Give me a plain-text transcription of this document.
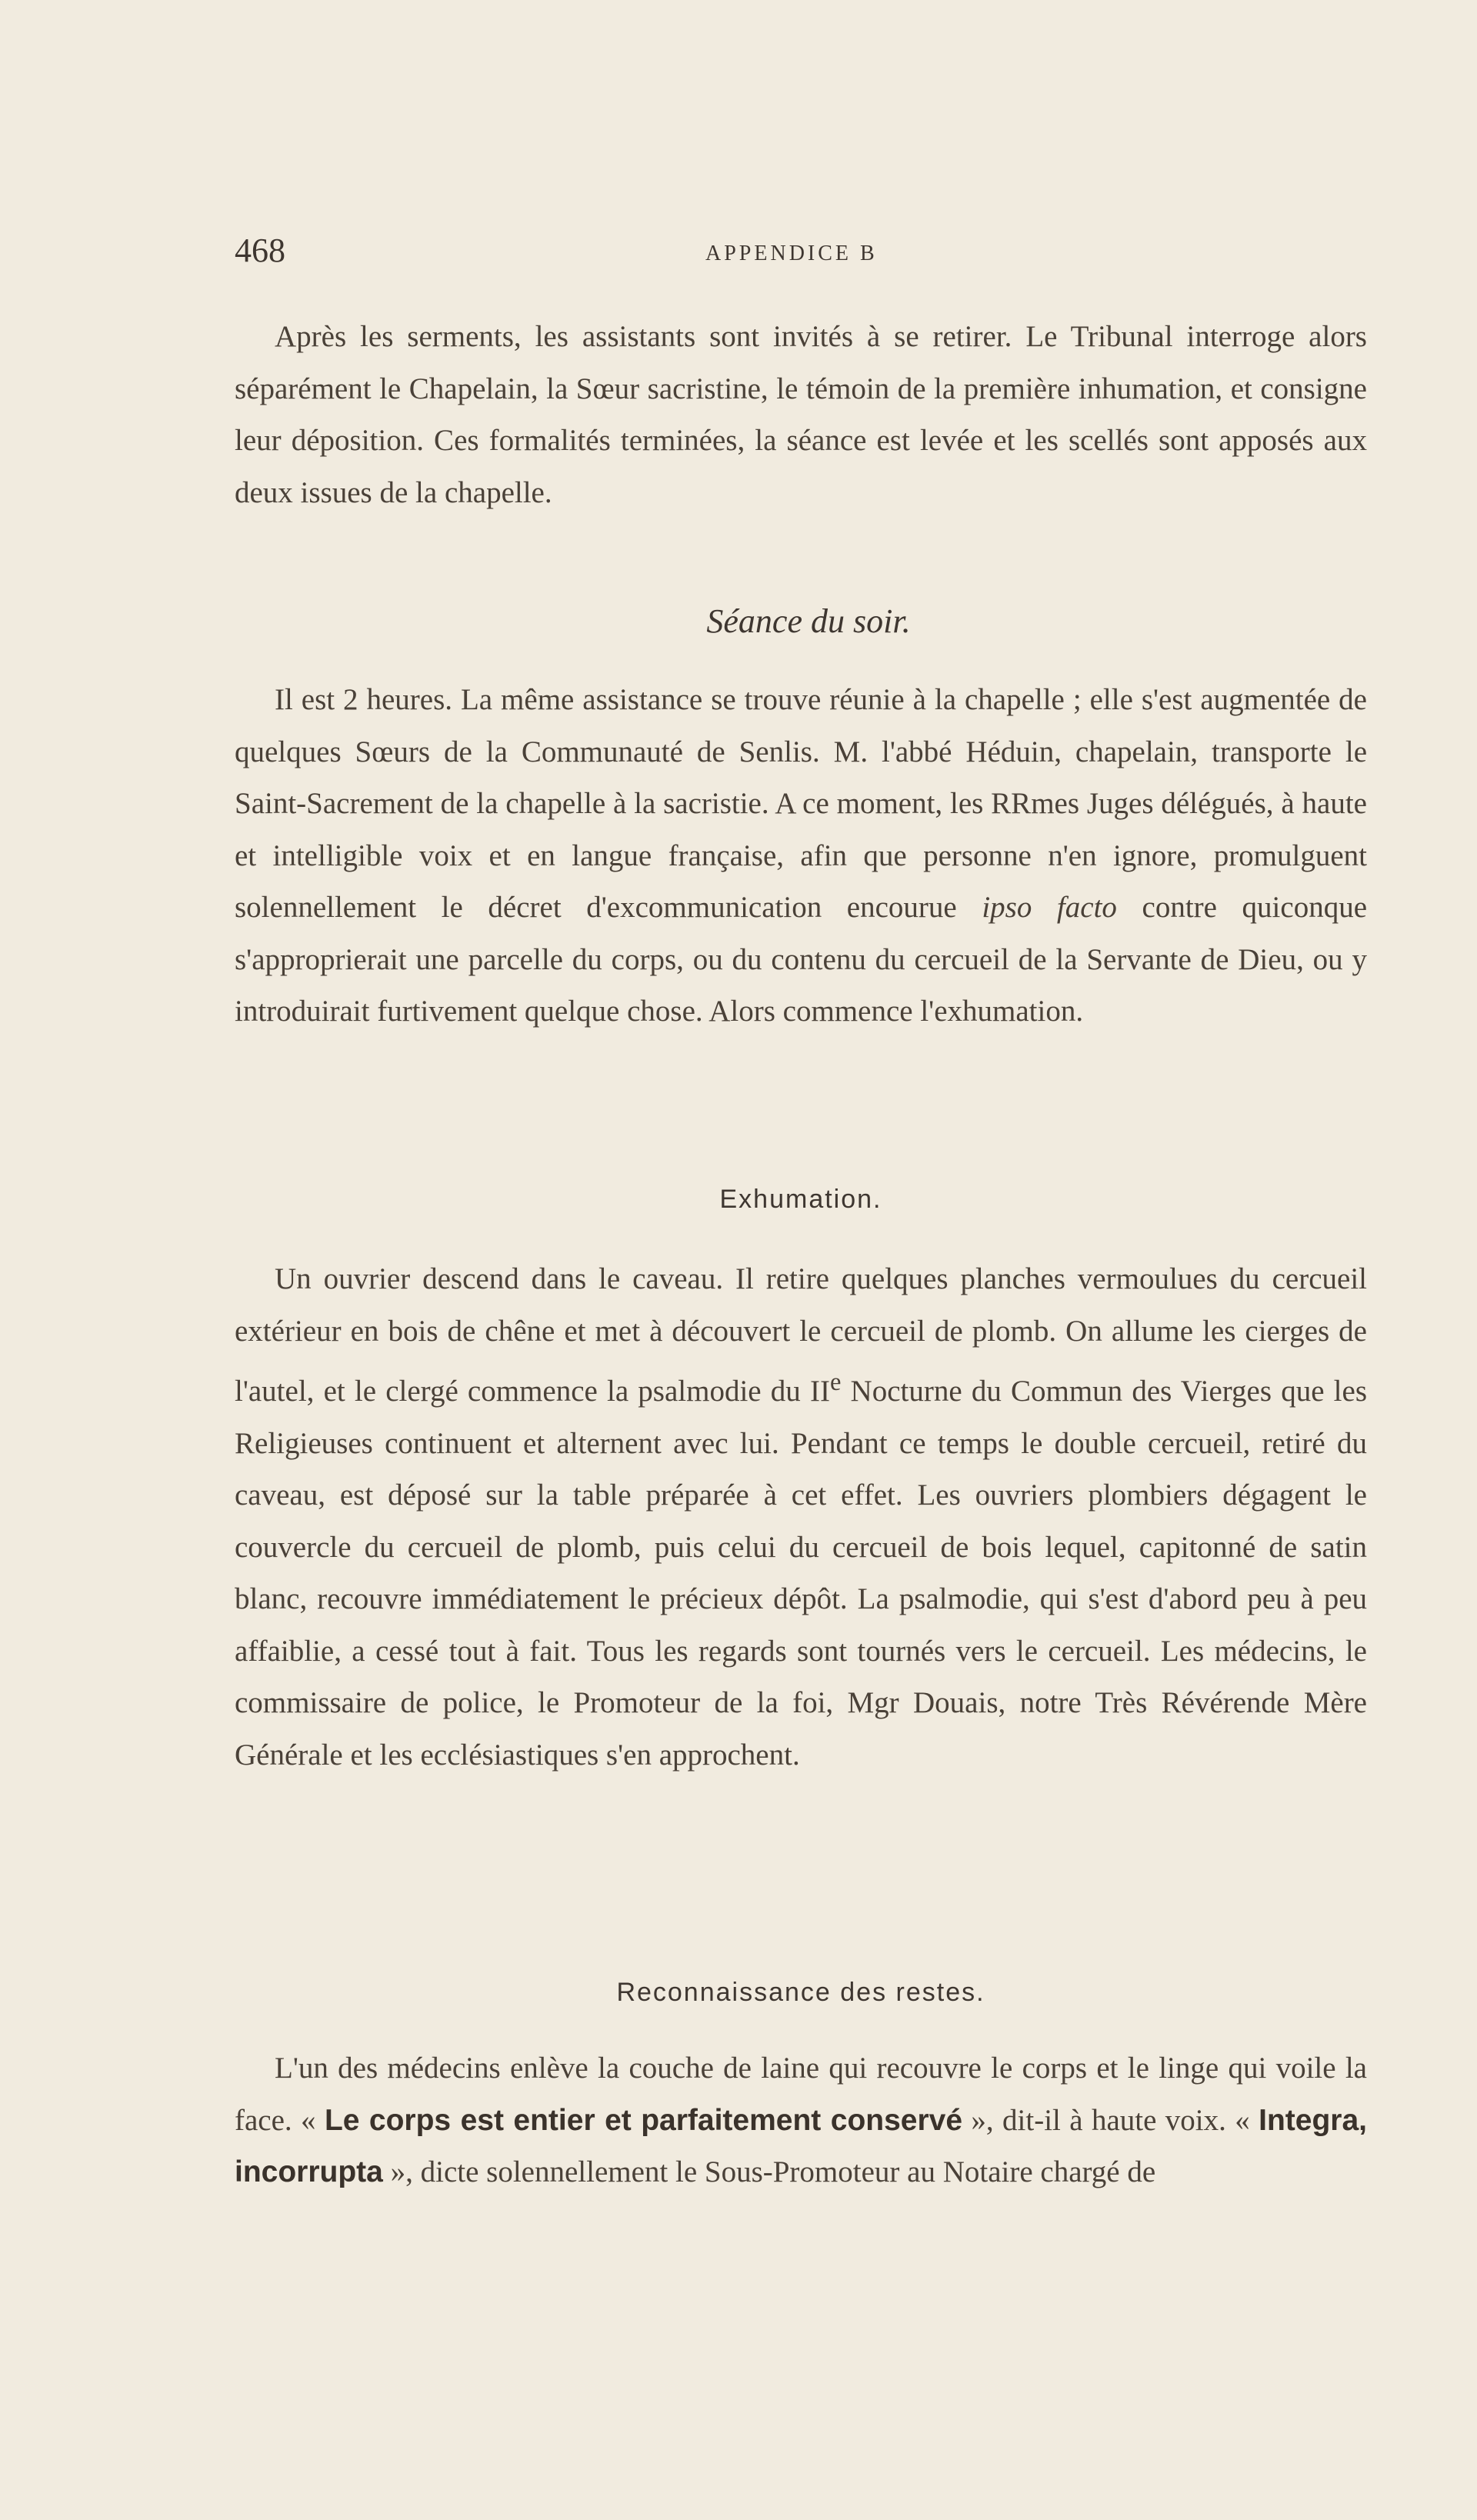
468	APPENDICE B

Après les serments, les assistants sont invités à se retirer. Le Tribunal interroge alors séparément le Chapelain, la Sœur sacristine, le témoin de la première inhumation, et consigne leur déposition. Ces formalités terminées, la séance est levée et les scellés sont apposés aux deux issues de la chapelle.

Séance du soir.

Il est 2 heures. La même assistance se trouve réunie à la chapelle ; elle s'est augmentée de quelques Sœurs de la Communauté de Senlis. M. l'abbé Héduin, chapelain, transporte le Saint-Sacrement de la chapelle à la sacristie. A ce moment, les RRmes Juges délégués, à haute et intelligible voix et en langue française, afin que personne n'en ignore, promulguent solennellement le décret d'excommunication encourue ipso facto contre quiconque s'approprierait une parcelle du corps, ou du contenu du cercueil de la Servante de Dieu, ou y introduirait furtivement quelque chose. Alors commence l'exhumation.

Exhumation.

Un ouvrier descend dans le caveau. Il retire quelques planches vermoulues du cercueil extérieur en bois de chêne et met à découvert le cercueil de plomb. On allume les cierges de l'autel, et le clergé commence la psalmodie du IIe Nocturne du Commun des Vierges que les Religieuses continuent et alternent avec lui. Pendant ce temps le double cercueil, retiré du caveau, est déposé sur la table préparée à cet effet. Les ouvriers plombiers dégagent le couvercle du cercueil de plomb, puis celui du cercueil de bois lequel, capitonné de satin blanc, recouvre immédiatement le précieux dépôt. La psalmodie, qui s'est d'abord peu à peu affaiblie, a cessé tout à fait. Tous les regards sont tournés vers le cercueil. Les médecins, le commissaire de police, le Promoteur de la foi, Mgr Douais, notre Très Révérende Mère Générale et les ecclésiastiques s'en approchent.

Reconnaissance des restes.

L'un des médecins enlève la couche de laine qui recouvre le corps et le linge qui voile la face. « Le corps est entier et parfaitement conservé », dit-il à haute voix. « Integra, incorrupta », dicte solennellement le Sous-Promoteur au Notaire chargé de
